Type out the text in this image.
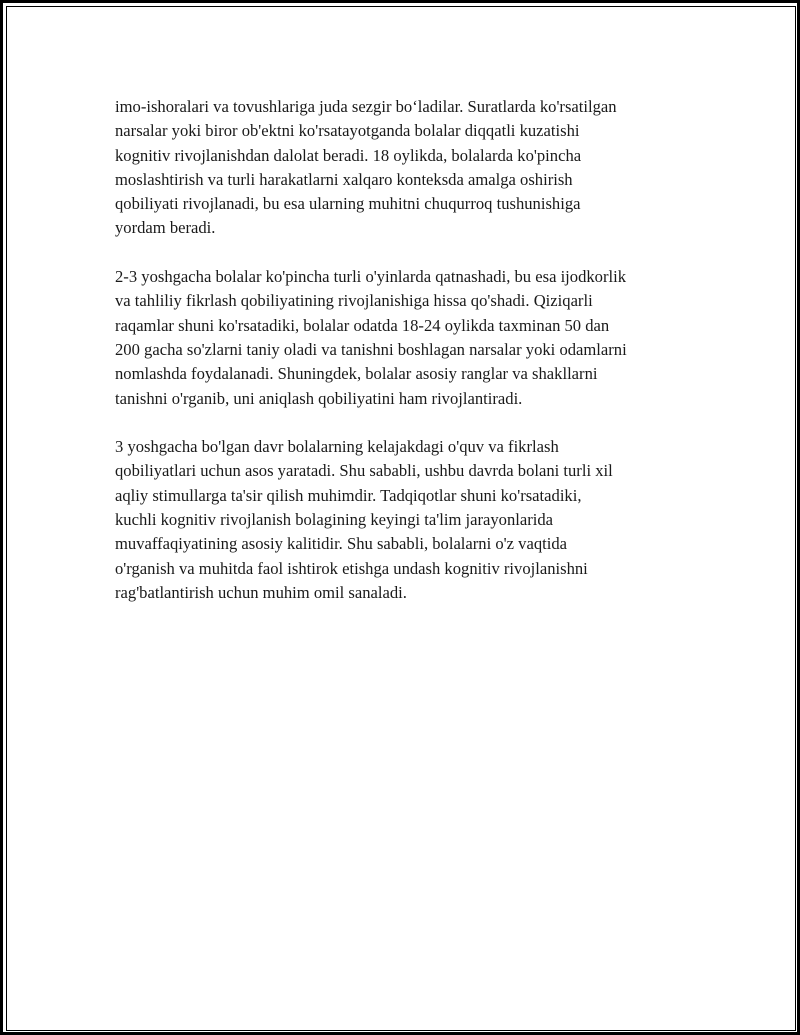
imo-ishoralari va tovushlariga juda sezgir boʻladilar. Suratlarda ko'rsatilgan
narsalar yoki biror ob'ektni ko'rsatayotganda bolalar diqqatli kuzatishi
kognitiv rivojlanishdan dalolat beradi. 18 oylikda, bolalarda ko'pincha
moslashtirish va turli harakatlarni xalqaro konteksda amalga oshirish
qobiliyati rivojlanadi, bu esa ularning muhitni chuqurroq tushunishiga
yordam beradi.
2-3 yoshgacha bolalar ko'pincha turli o'yinlarda qatnashadi, bu esa ijodkorlik
va tahliliy fikrlash qobiliyatining rivojlanishiga hissa qo'shadi. Qiziqarli
raqamlar shuni ko'rsatadiki, bolalar odatda 18-24 oylikda taxminan 50 dan
200 gacha so'zlarni taniy oladi va tanishni boshlagan narsalar yoki odamlarni
nomlashda foydalanadi. Shuningdek, bolalar asosiy ranglar va shakllarni
tanishni o'rganib, uni aniqlash qobiliyatini ham rivojlantiradi.
3 yoshgacha bo'lgan davr bolalarning kelajakdagi o'quv va fikrlash
qobiliyatlari uchun asos yaratadi. Shu sababli, ushbu davrda bolani turli xil
aqliy stimullarga ta'sir qilish muhimdir. Tadqiqotlar shuni ko'rsatadiki,
kuchli kognitiv rivojlanish bolagining keyingi ta'lim jarayonlarida
muvaffaqiyatining asosiy kalitidir. Shu sababli, bolalarni o'z vaqtida
o'rganish va muhitda faol ishtirok etishga undash kognitiv rivojlanishni
rag'batlantirish uchun muhim omil sanaladi.
